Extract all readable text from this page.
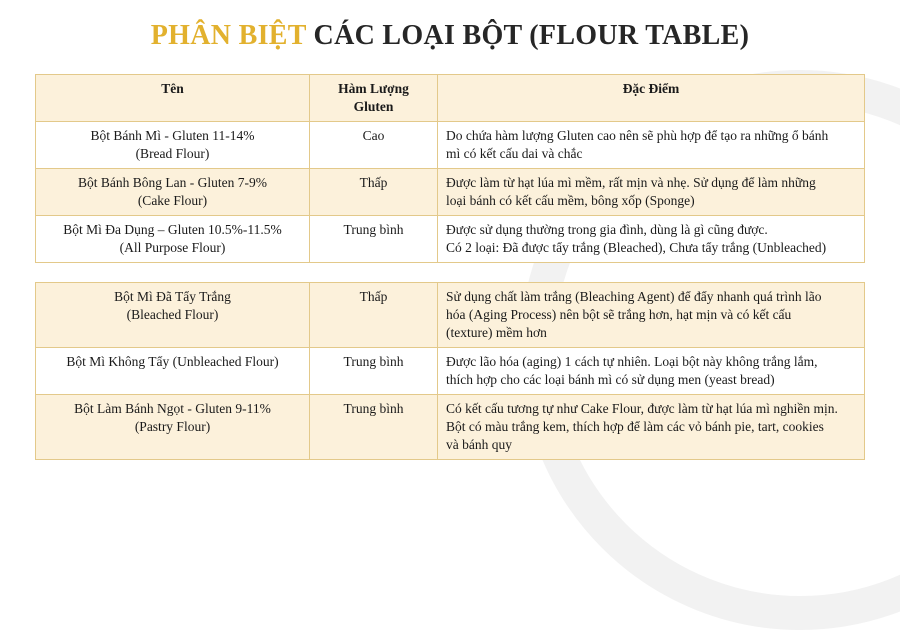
PHÂN BIỆT CÁC LOẠI BỘT (FLOUR TABLE)
Tên	Hàm Lượng Gluten	Đặc Điểm

Bột Bánh Mì - Gluten 11-14%
(Bread Flour)	Cao	Do chứa hàm lượng Gluten cao nên sẽ phù hợp để tạo ra những ổ bánh
mì có kết cấu dai và chắc

Bột Bánh Bông Lan - Gluten 7-9%
(Cake Flour)	Thấp	Được làm từ hạt lúa mì mềm, rất mịn và nhẹ. Sử dụng để làm những
loại bánh có kết cấu mềm, bông xốp (Sponge)

Bột Mì Đa Dụng – Gluten 10.5%-11.5%
(All Purpose Flour)	Trung bình	Được sử dụng thường trong gia đình, dùng là gì cũng được.
Có 2 loại: Đã được tẩy trắng (Bleached), Chưa tẩy trắng (Unbleached)
Bột Mì Đã Tẩy Trắng
(Bleached Flour)	Thấp	Sử dụng chất làm trắng (Bleaching Agent) để đẩy nhanh quá trình lão
hóa (Aging Process) nên bột sẽ trắng hơn, hạt mịn và có kết cấu
(texture) mềm hơn

Bột Mì Không Tẩy (Unbleached Flour)	Trung bình	Được lão hóa (aging) 1 cách tự nhiên. Loại bột này không trắng lắm,
thích hợp cho các loại bánh mì có sử dụng men (yeast bread)

Bột Làm Bánh Ngọt - Gluten 9-11%
(Pastry Flour)	Trung bình	Có kết cấu tương tự như Cake Flour, được làm từ hạt lúa mì nghiền mịn.
Bột có màu trắng kem, thích hợp để làm các vỏ bánh pie, tart, cookies
và bánh quy
